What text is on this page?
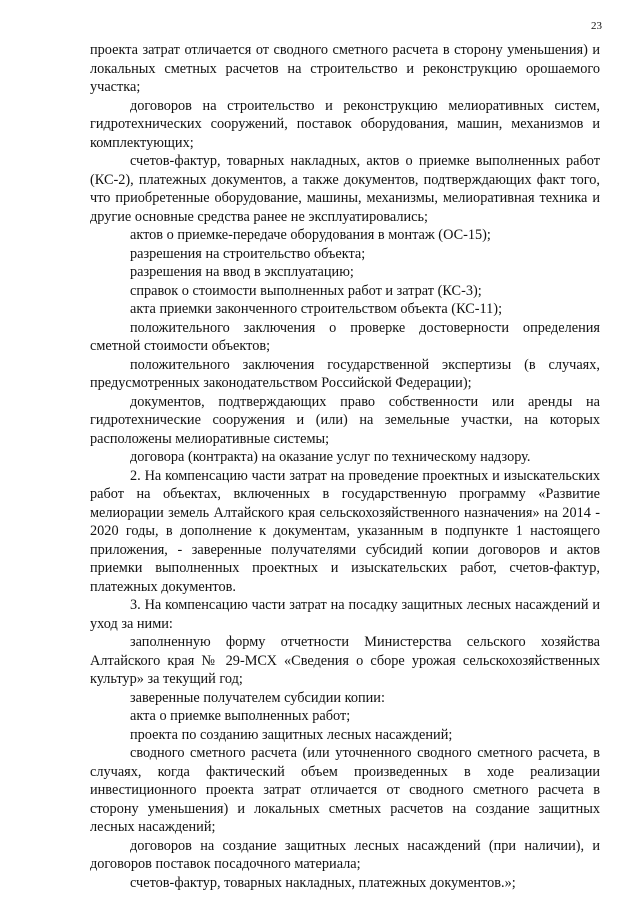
23

проекта затрат отличается от сводного сметного расчета в сторону уменьшения) и локальных сметных расчетов на строительство и реконструкцию орошаемого участка;

договоров на строительство и реконструкцию мелиоративных систем, гидротехнических сооружений, поставок оборудования, машин, механизмов и комплектующих;

счетов-фактур, товарных накладных, актов о приемке выполненных работ (КС-2), платежных документов, а также документов, подтверждающих факт того, что приобретенные оборудование, машины, механизмы, мелиоративная техника и другие основные средства ранее не эксплуатировались;

актов о приемке-передаче оборудования в монтаж (ОС-15);

разрешения на строительство объекта;

разрешения на ввод в эксплуатацию;

справок о стоимости выполненных работ и затрат (КС-3);

акта приемки законченного строительством объекта (КС-11);

положительного заключения о проверке достоверности определения сметной стоимости объектов;

положительного заключения государственной экспертизы (в случаях, предусмотренных законодательством Российской Федерации);

документов, подтверждающих право собственности или аренды на гидротехнические сооружения и (или) на земельные участки, на которых расположены мелиоративные системы;

договора (контракта) на оказание услуг по техническому надзору.

2. На компенсацию части затрат на проведение проектных и изыскательских работ на объектах, включенных в государственную программу «Развитие мелиорации земель Алтайского края сельскохозяйственного назначения» на 2014 - 2020 годы, в дополнение к документам, указанным в подпункте 1 настоящего приложения, - заверенные получателями субсидий копии договоров и актов приемки выполненных проектных и изыскательских работ, счетов-фактур, платежных документов.

3. На компенсацию части затрат на посадку защитных лесных насаждений и уход за ними:

заполненную форму отчетности Министерства сельского хозяйства Алтайского края № 29-МСХ «Сведения о сборе урожая сельскохозяйственных культур» за текущий год;

заверенные получателем субсидии копии:

акта о приемке выполненных работ;

проекта по созданию защитных лесных насаждений;

сводного сметного расчета (или уточненного сводного сметного расчета, в случаях, когда фактический объем произведенных в ходе реализации инвестиционного проекта затрат отличается от сводного сметного расчета в сторону уменьшения) и локальных сметных расчетов на создание защитных лесных насаждений;

договоров на создание защитных лесных насаждений (при наличии), и договоров поставок посадочного материала;

счетов-фактур, товарных накладных, платежных документов.»;
